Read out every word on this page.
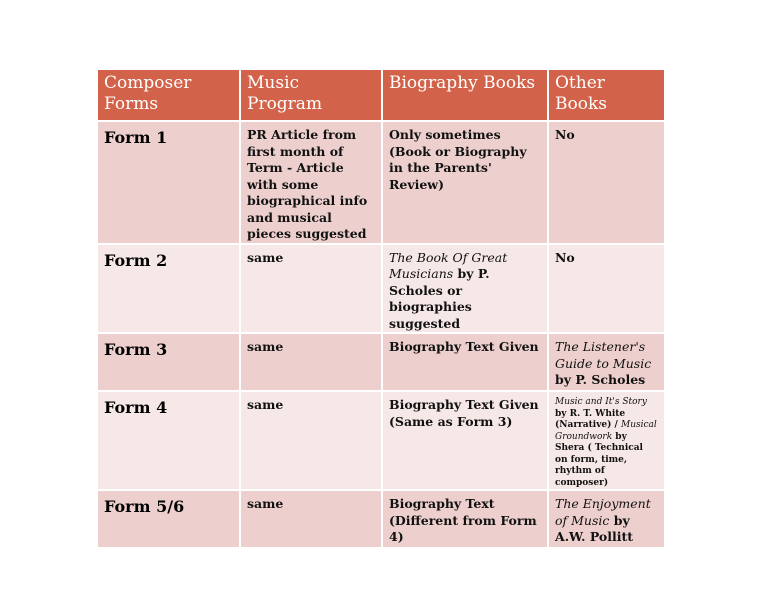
Composer Forms	Music Program	Biography Books	Other Books

Form 1	PR Article from first month of Term - Article with some biographical info and musical pieces suggested	Only sometimes (Book or Biography in the Parents' Review)	No

Form 2	same	The Book Of Great Musicians by P. Scholes or biographies suggested	No

Form 3	same	Biography Text Given	The Listener's Guide to Music by P. Scholes

Form 4	same	Biography Text Given (Same as Form 3)	Music and It's Story by R. T. White (Narrative) / Musical Groundwork by Shera ( Technical on form, time, rhythm of composer)

Form 5/6	same	Biography Text (Different from Form 4)	The Enjoyment of Music by A.W. Pollitt
